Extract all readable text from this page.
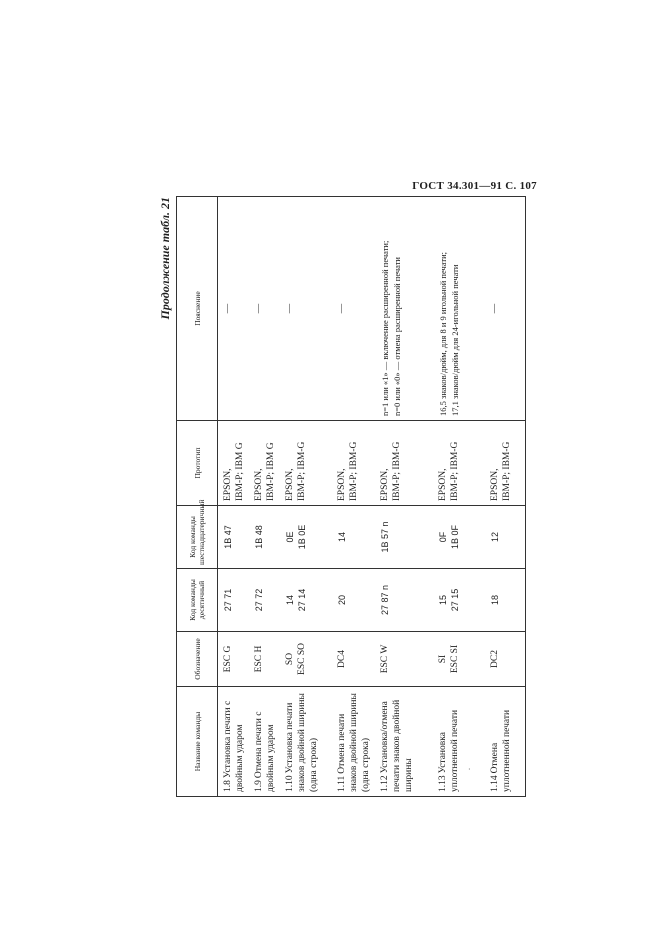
ГОСТ 34.301—91 С. 107
Продолжение табл. 21
Название команды	Обозначение	Код команды десятичный	Код команды шестнадцатеричный	Прототип	Пояснение
1.8Установка печати с двойным ударом	ESC G	27 71	1B 47	EPSON, IBM-P; IBM G	—

1.9Отмена печати с двойным ударом	ESC H	27 72	1B 48	EPSON, IBM-P; IBM G	—

1.10Установка печати знаков двойной ширины (одна строка)	SO ESC SO	14 27 14	0E 1B 0E	EPSON, IBM-P; IBM-G	—

1.11Отмена печати знаков двойной ширины (одна строка)	DC4	20	14	EPSON, IBM-P; IBM-G	—

1.12Установка/отмена печати знаков двойной ширины	ESC W	27 87 n	1B 57 n	EPSON, IBM-P; IBM-G	n=1 или «1» — включение расширенной печати; n=0 или «0» — отмена расширенной печати

1.13Установка уплотненной печати	SI ESC SI	15 27 15	0F 1B 0F	EPSON, IBM-P; IBM-G	16,5 знаков/дюйм, для 8 и 9 игольной печати; 17,1 знаков/дюйм для 24-игольной печати

1.14Отмена уплотненной печати	DC2	18	12	EPSON, IBM-P; IBM-G	—
·
